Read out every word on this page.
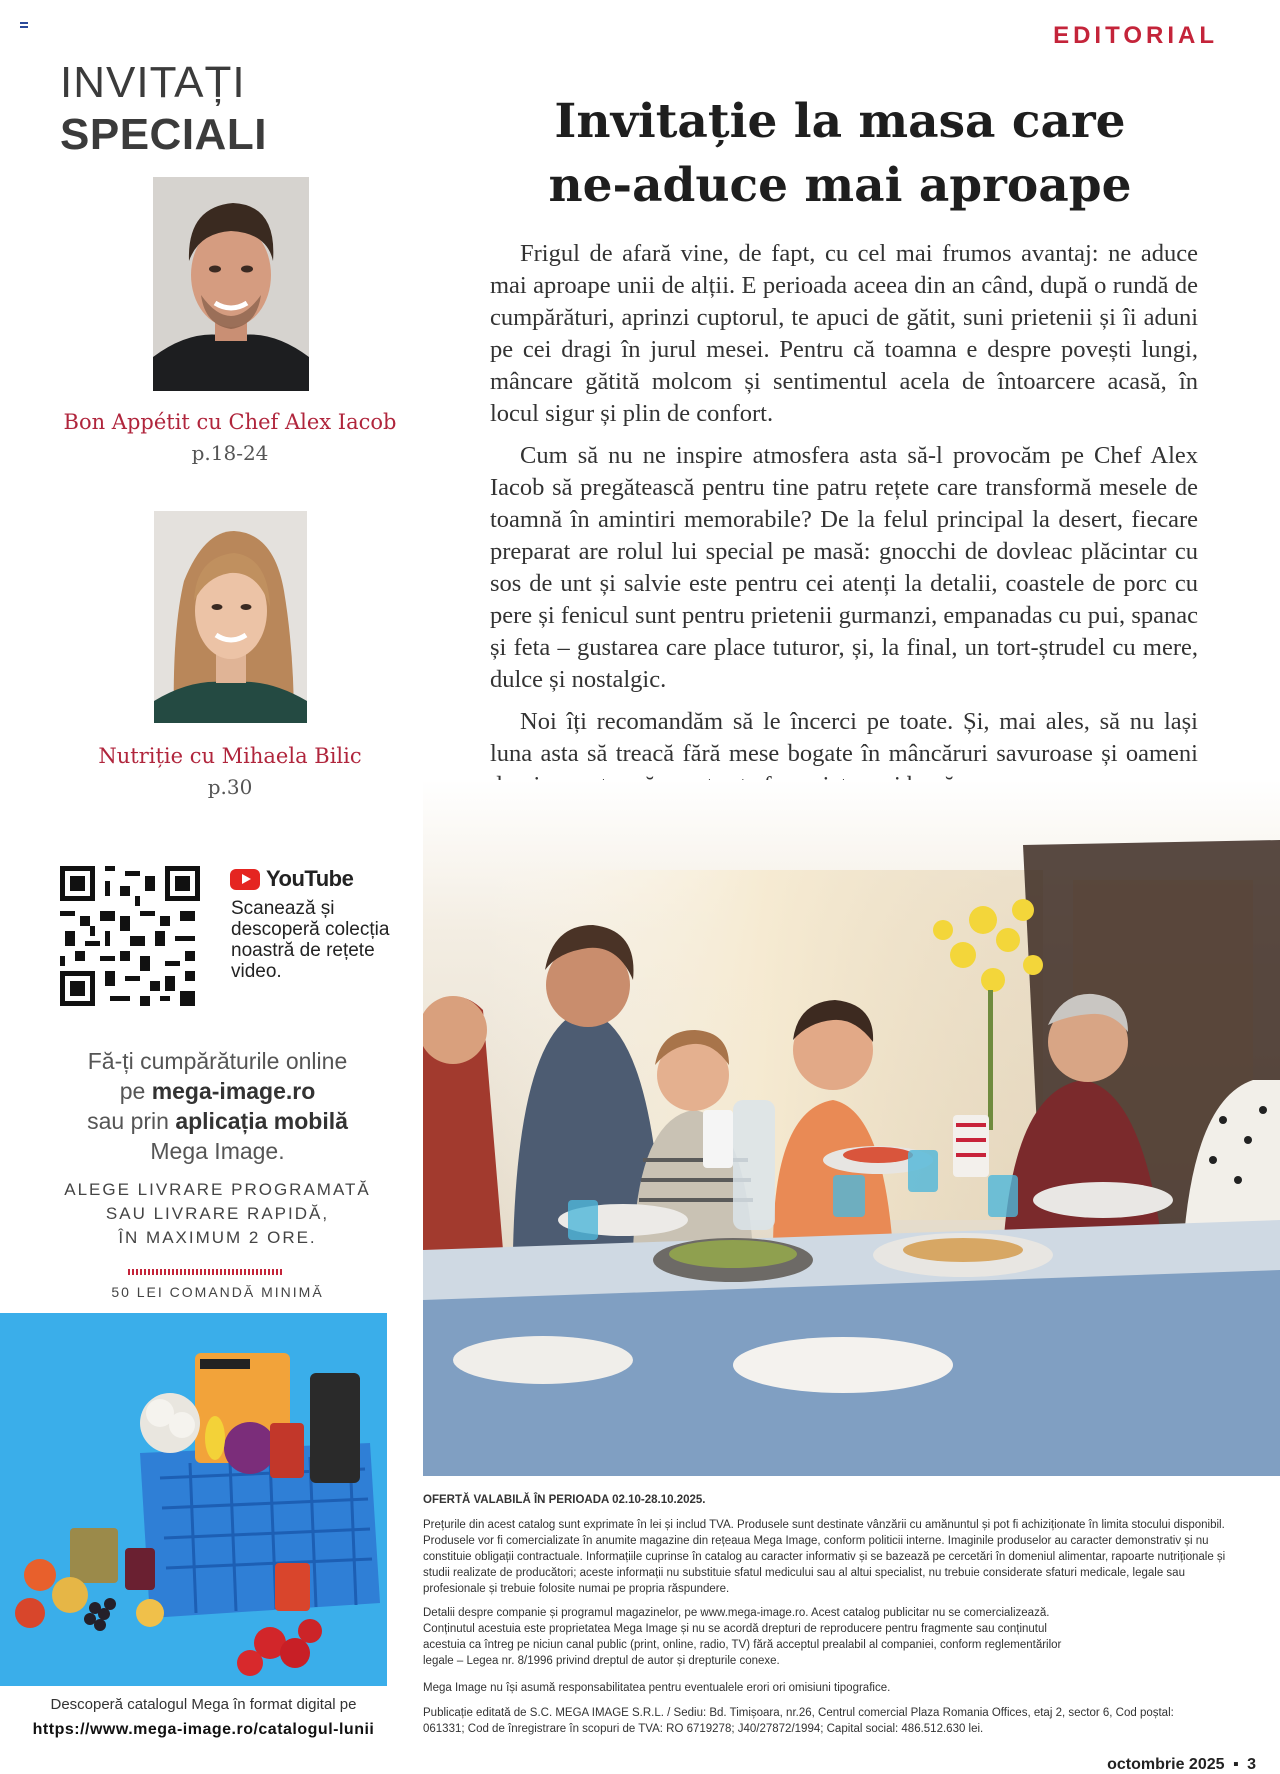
INVITAȚI
SPECIALI
Bon Appétit cu Chef Alex Iacob
p.18-24
Nutriție cu Mihaela Bilic
p.30
YouTube
Scanează și descoperă colecția noastră de rețete video.
Fă-ți cumpărăturile online
pe mega-image.ro
sau prin aplicația mobilă
Mega Image.
ALEGE LIVRARE PROGRAMATĂ
SAU LIVRARE RAPIDĂ,
ÎN MAXIMUM 2 ORE.
50 LEI COMANDĂ MINIMĂ
Descoperă catalogul Mega în format digital pe
https://www.mega-image.ro/catalogul-lunii
EDITORIAL
Invitație la masa care
ne-aduce mai aproape

Frigul de afară vine, de fapt, cu cel mai frumos avantaj: ne aduce mai aproape unii de alții. E perioada aceea din an când, după o rundă de cumpărături, aprinzi cuptorul, te apuci de gătit, suni prietenii și îi aduni pe cei dragi în jurul mesei. Pentru că toamna e despre povești lungi, mâncare gătită molcom și sentimentul acela de întoarcere acasă, în locul sigur și plin de confort.

Cum să nu ne inspire atmosfera asta să-l provocăm pe Chef Alex Iacob să pregătească pentru tine patru rețete care transformă mesele de toamnă în amintiri memorabile? De la felul principal la desert, fiecare preparat are rolul lui special pe masă: gnocchi de dovleac plăcintar cu sos de unt și salvie este pentru cei atenți la detalii, coastele de porc cu pere și fenicul sunt pentru prietenii gurmanzi, empanadas cu pui, spanac și feta – gustarea care place tuturor, și, la final, un tort-ștrudel cu mere, dulce și nostalgic.

Noi îți recomandăm să le încerci pe toate. Și, mai ales, să nu lași luna asta să treacă fără mese bogate în mâncăruri savuroase și oameni

OFERTĂ VALABILĂ ÎN PERIOADA 02.10-28.10.2025.
Prețurile din acest catalog sunt exprimate în lei și includ TVA. Produsele sunt destinate vânzării cu amănuntul și pot fi achiziționate în limita stocului disponibil. Produsele vor fi comercializate în anumite magazine din rețeaua Mega Image, conform politicii interne. Imaginile produselor au caracter demonstrativ și nu constituie obligații contractuale. Informațiile cuprinse în catalog au caracter informativ și se bazează pe cercetări în domeniul alimentar, rapoarte nutriționale și studii realizate de producători; aceste informații nu substituie sfatul medicului sau al altui specialist, nu trebuie considerate sfaturi medicale, legale sau profesionale și trebuie folosite numai pe propria răspundere.
Detalii despre companie și programul magazinelor, pe www.mega-image.ro. Acest catalog publicitar nu se comercializează. Conținutul acestuia este proprietatea Mega Image și nu se acordă drepturi de reproducere pentru fragmente sau conținutul acestuia ca întreg pe niciun canal public (print, online, radio, TV) fără acceptul prealabil al companiei, conform reglementărilor legale – Legea nr. 8/1996 privind dreptul de autor și drepturile conexe.
Mega Image nu își asumă responsabilitatea pentru eventualele erori ori omisiuni tipografice.
Publicație editată de S.C. MEGA IMAGE S.R.L. / Sediu: Bd. Timișoara, nr.26, Centrul comercial Plaza Romania Offices, etaj 2, sector 6, Cod poștal: 061331; Cod de înregistrare în scopuri de TVA: RO 6719278; J40/27872/1994; Capital social: 486.512.630 lei.
octombrie 2025 ▪ 3
